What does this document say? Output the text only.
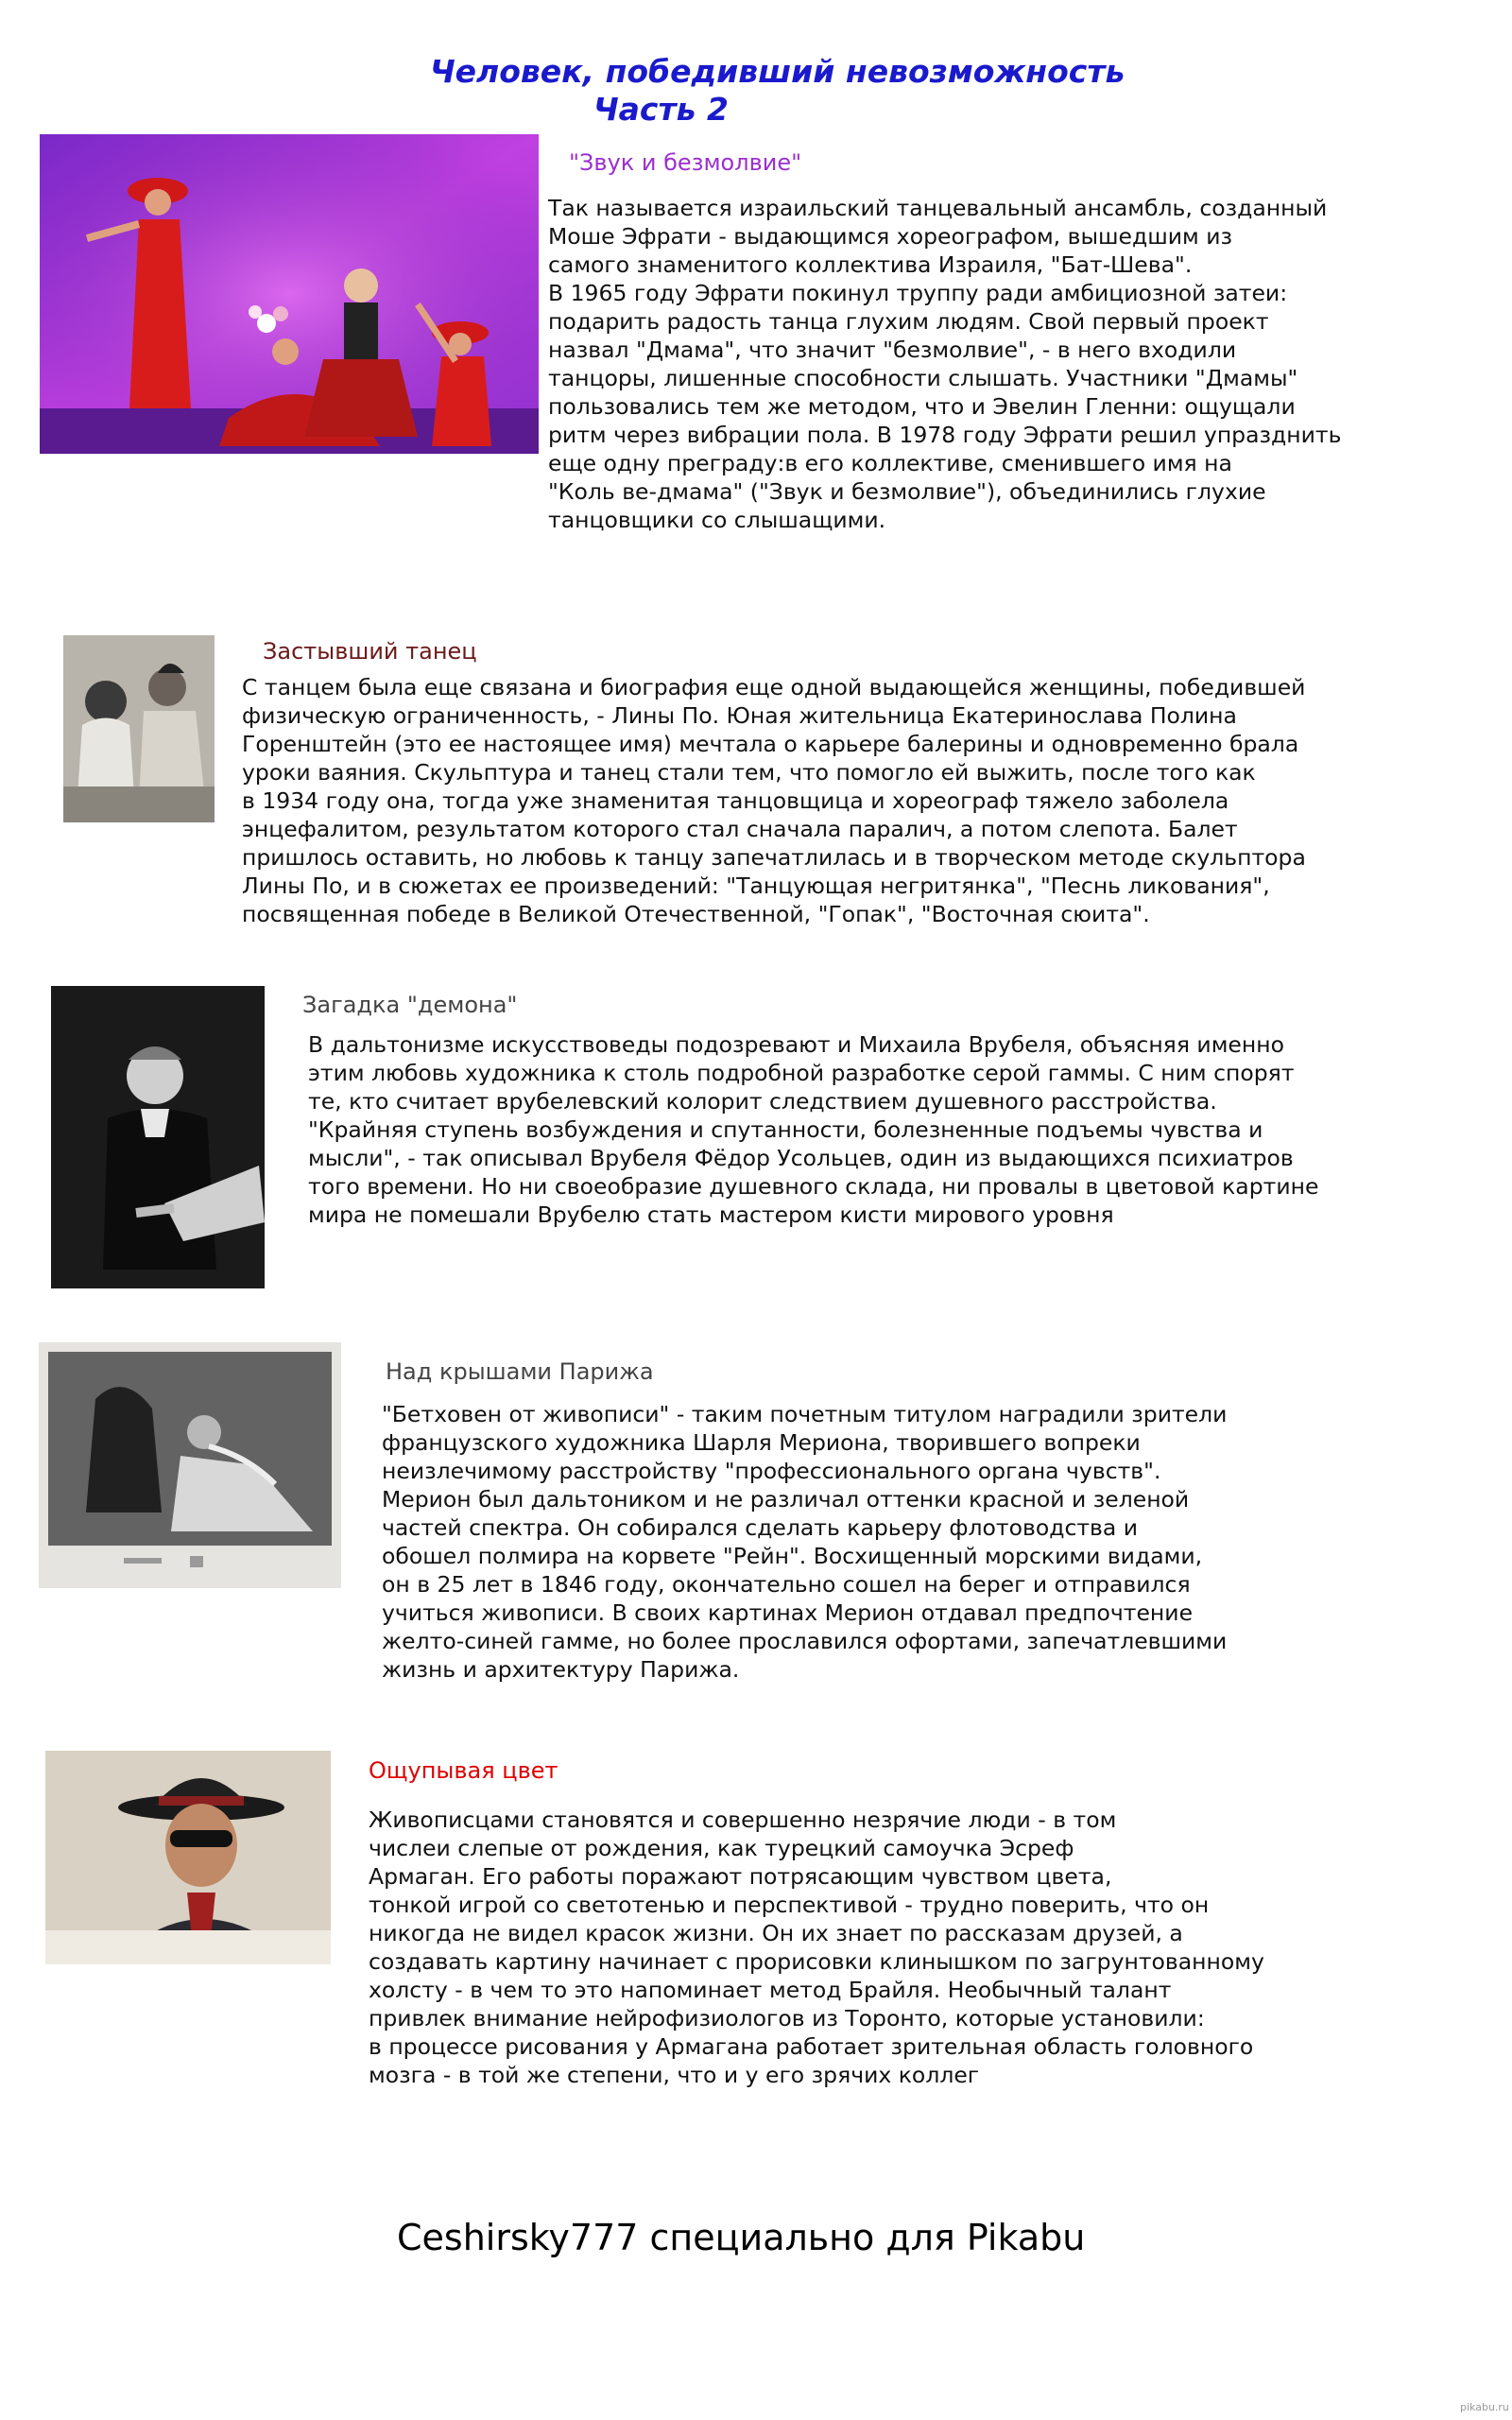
Человек, победивший невозможность
Часть 2
"Звук и безмолвие"
Так называется израильский танцевальный ансамбль, созданный
Моше Эфрати - выдающимся хореографом, вышедшим из
самого знаменитого коллектива Израиля, "Бат-Шева".
В 1965 году Эфрати покинул труппу ради амбициозной затеи:
подарить радость танца глухим людям. Свой первый проект
назвал "Дмама", что значит "безмолвие", - в него входили
танцоры, лишенные способности слышать. Участники "Дмамы"
пользовались тем же методом, что и Эвелин Гленни: ощущали
ритм через вибрации пола. В 1978 году Эфрати решил упразднить
еще одну преграду:в его коллективе, сменившего имя на
"Коль ве-дмама" ("Звук и безмолвие"), объединились глухие
танцовщики со слышащими.
Застывший танец
С танцем была еще связана и биография еще одной выдающейся женщины, победившей
физическую ограниченность, - Лины По. Юная жительница Екатеринослава Полина
Горенштейн (это ее настоящее имя) мечтала о карьере балерины и одновременно брала
уроки ваяния. Скульптура и танец стали тем, что помогло ей выжить, после того как
в 1934 году она, тогда уже знаменитая танцовщица и хореограф тяжело заболела
энцефалитом, результатом которого стал сначала паралич, а потом слепота. Балет
пришлось оставить, но любовь к танцу запечатлилась и в творческом методе скульптора
Лины По, и в сюжетах ее произведений: "Танцующая негритянка", "Песнь ликования",
посвященная победе в Великой Отечественной, "Гопак", "Восточная сюита".
Загадка "демона"
В дальтонизме искусствоведы подозревают и Михаила Врубеля, объясняя именно
этим любовь художника к столь подробной разработке серой гаммы. С ним спорят
те, кто считает врубелевский колорит следствием душевного расстройства.
"Крайняя ступень возбуждения и спутанности, болезненные подъемы чувства и
мысли", - так описывал Врубеля Фёдор Усольцев, один из выдающихся психиатров
того времени. Но ни своеобразие душевного склада, ни провалы в цветовой картине
мира не помешали Врубелю стать мастером кисти мирового уровня
Над крышами Парижа
"Бетховен от живописи" - таким почетным титулом наградили зрители
французского художника Шарля Мериона, творившего вопреки
неизлечимому расстройству "профессионального органа чувств".
Мерион был дальтоником и не различал оттенки красной и зеленой
частей спектра. Он собирался сделать карьеру флотоводства и
обошел полмира на корвете "Рейн". Восхищенный морскими видами,
он в 25 лет в 1846 году, окончательно сошел на берег и отправился
учиться живописи. В своих картинах Мерион отдавал предпочтение
желто-синей гамме, но более прославился офортами, запечатлевшими
жизнь и архитектуру Парижа.
Ощупывая цвет
Живописцами становятся и совершенно незрячие люди - в том
числеи слепые от рождения, как турецкий самоучка Эсреф
Армаган. Его работы поражают потрясающим чувством цвета,
тонкой игрой со светотенью и перспективой - трудно поверить, что он
никогда не видел красок жизни. Он их знает по рассказам друзей, а
создавать картину начинает с прорисовки клинышком по загрунтованному
холсту - в чем то это напоминает метод Брайля. Необычный талант
привлек внимание нейрофизиологов из Торонто, которые установили:
в процессе рисования у Армагана работает зрительная область головного
мозга - в той же степени, что и у его зрячих коллег
Ceshirsky777 специально для Pikabu
pikabu.ru
